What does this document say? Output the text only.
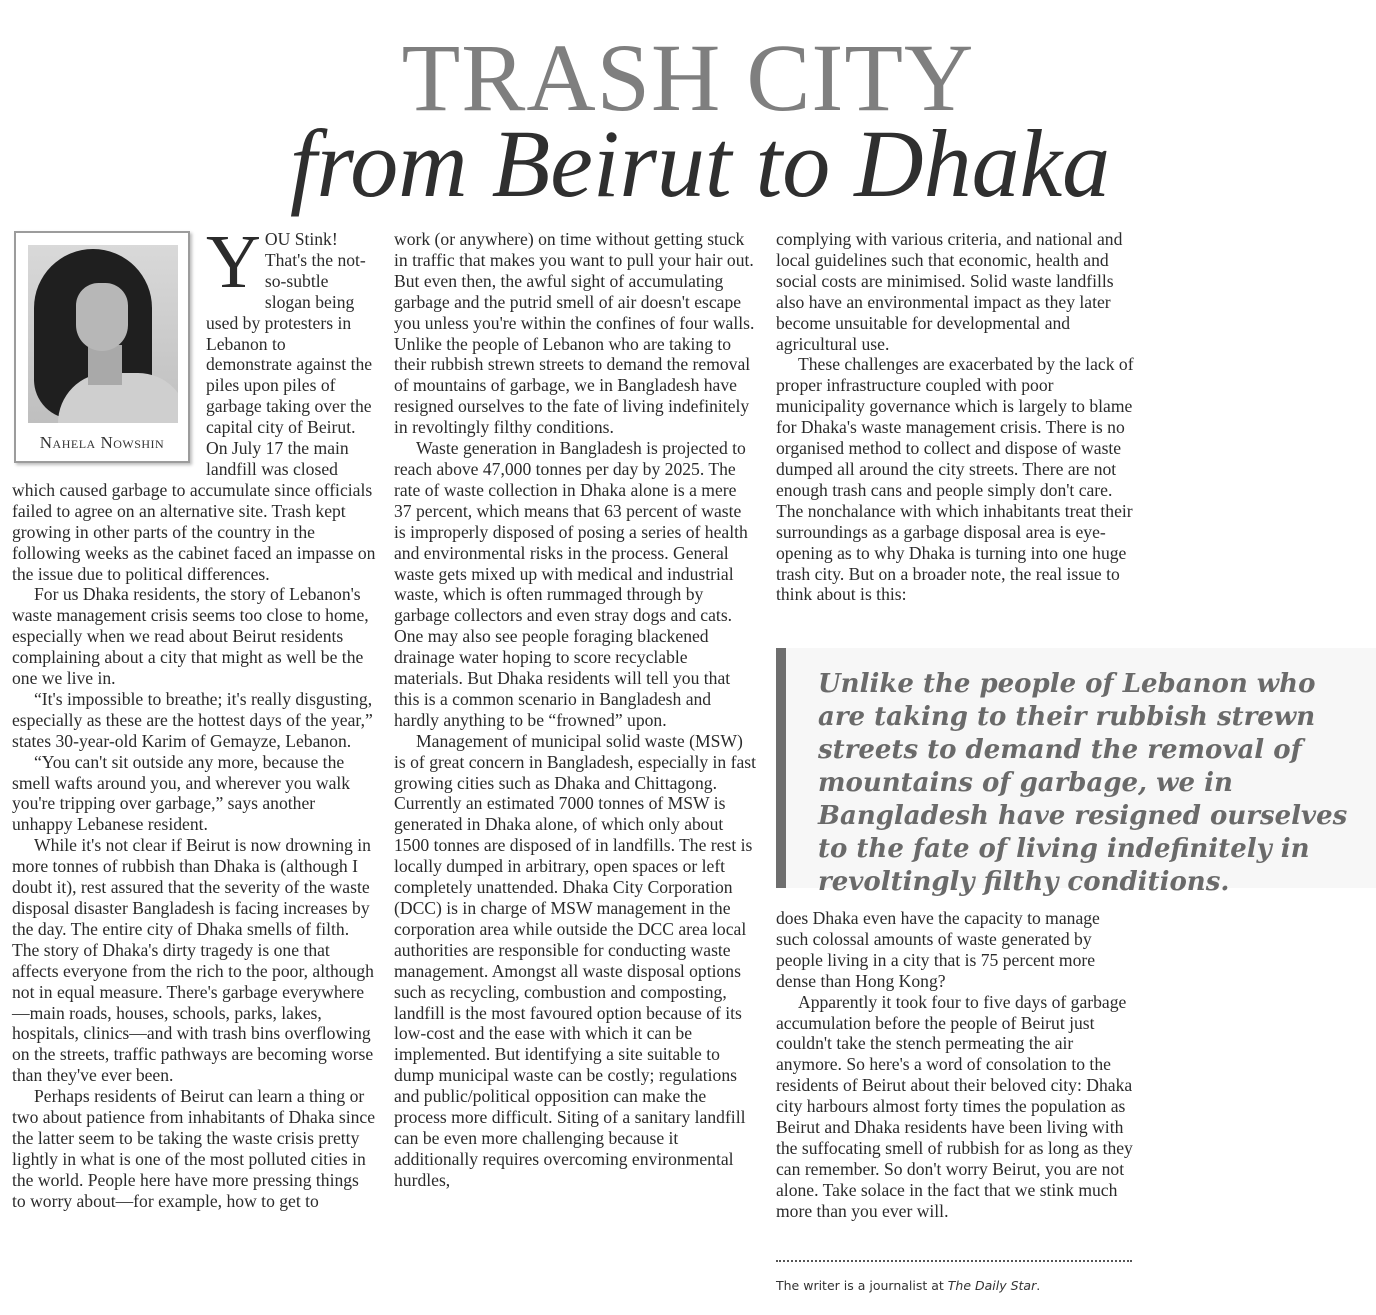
TRASH CITY
from Beirut to Dhaka
Nahela Nowshin
Y OU Stink! That's the not-so-subtle slogan being used by protesters in Lebanon to demonstrate against the piles upon piles of garbage taking over the capital city of Beirut. On July 17 the main landfill was closed which caused garbage to accumulate since officials failed to agree on an alternative site. Trash kept growing in other parts of the country in the following weeks as the cabinet faced an impasse on the issue due to political differences.

For us Dhaka residents, the story of Lebanon's waste management crisis seems too close to home, especially when we read about Beirut residents complaining about a city that might as well be the one we live in.

“It's impossible to breathe; it's really disgusting, especially as these are the hottest days of the year,” states 30-year-old Karim of Gemayze, Lebanon.

“You can't sit outside any more, because the smell wafts around you, and wherever you walk you're tripping over garbage,” says another unhappy Lebanese resident.

While it's not clear if Beirut is now drowning in more tonnes of rubbish than Dhaka is (although I doubt it), rest assured that the severity of the waste disposal disaster Bangladesh is facing increases by the day. The entire city of Dhaka smells of filth. The story of Dhaka's dirty tragedy is one that affects everyone from the rich to the poor, although not in equal measure. There's garbage everywhere—main roads, houses, schools, parks, lakes, hospitals, clinics—and with trash bins overflowing on the streets, traffic pathways are becoming worse than they've ever been.

Perhaps residents of Beirut can learn a thing or two about patience from inhabitants of Dhaka since the latter seem to be taking the waste crisis pretty lightly in what is one of the most polluted cities in the world. People here have more pressing things to worry about—for example, how to get to

work (or anywhere) on time without getting stuck in traffic that makes you want to pull your hair out. But even then, the awful sight of accumulating garbage and the putrid smell of air doesn't escape you unless you're within the confines of four walls. Unlike the people of Lebanon who are taking to their rubbish strewn streets to demand the removal of mountains of garbage, we in Bangladesh have resigned ourselves to the fate of living indefinitely in revoltingly filthy conditions.

Waste generation in Bangladesh is projected to reach above 47,000 tonnes per day by 2025. The rate of waste collection in Dhaka alone is a mere 37 percent, which means that 63 percent of waste is improperly disposed of posing a series of health and environmental risks in the process. General waste gets mixed up with medical and industrial waste, which is often rummaged through by garbage collectors and even stray dogs and cats. One may also see people foraging blackened drainage water hoping to score recyclable materials. But Dhaka residents will tell you that this is a common scenario in Bangladesh and hardly anything to be “frowned” upon.

Management of municipal solid waste (MSW) is of great concern in Bangladesh, especially in fast growing cities such as Dhaka and Chittagong. Currently an estimated 7000 tonnes of MSW is generated in Dhaka alone, of which only about 1500 tonnes are disposed of in landfills. The rest is locally dumped in arbitrary, open spaces or left completely unattended. Dhaka City Corporation (DCC) is in charge of MSW management in the corporation area while outside the DCC area local authorities are responsible for conducting waste management. Amongst all waste disposal options such as recycling, combustion and composting, landfill is the most favoured option because of its low-cost and the ease with which it can be implemented. But identifying a site suitable to dump municipal waste can be costly; regulations and public/political opposition can make the process more difficult. Siting of a sanitary landfill can be even more challenging because it additionally requires overcoming environmental hurdles,

complying with various criteria, and national and local guidelines such that economic, health and social costs are minimised. Solid waste landfills also have an environmental impact as they later become unsuitable for developmental and agricultural use.

These challenges are exacerbated by the lack of proper infrastructure coupled with poor municipality governance which is largely to blame for Dhaka's waste management crisis. There is no organised method to collect and dispose of waste dumped all around the city streets. There are not enough trash cans and people simply don't care. The nonchalance with which inhabitants treat their surroundings as a garbage disposal area is eye-opening as to why Dhaka is turning into one huge trash city. But on a broader note, the real issue to think about is this:

Unlike the people of Lebanon who are taking to their rubbish strewn streets to demand the removal of mountains of garbage, we in Bangladesh have resigned ourselves to the fate of living indefinitely in revoltingly filthy conditions.

does Dhaka even have the capacity to manage such colossal amounts of waste generated by people living in a city that is 75 percent more dense than Hong Kong?

Apparently it took four to five days of garbage accumulation before the people of Beirut just couldn't take the stench permeating the air anymore. So here's a word of consolation to the residents of Beirut about their beloved city: Dhaka city harbours almost forty times the population as Beirut and Dhaka residents have been living with the suffocating smell of rubbish for as long as they can remember. So don't worry Beirut, you are not alone. Take solace in the fact that we stink much more than you ever will.

The writer is a journalist at The Daily Star.
